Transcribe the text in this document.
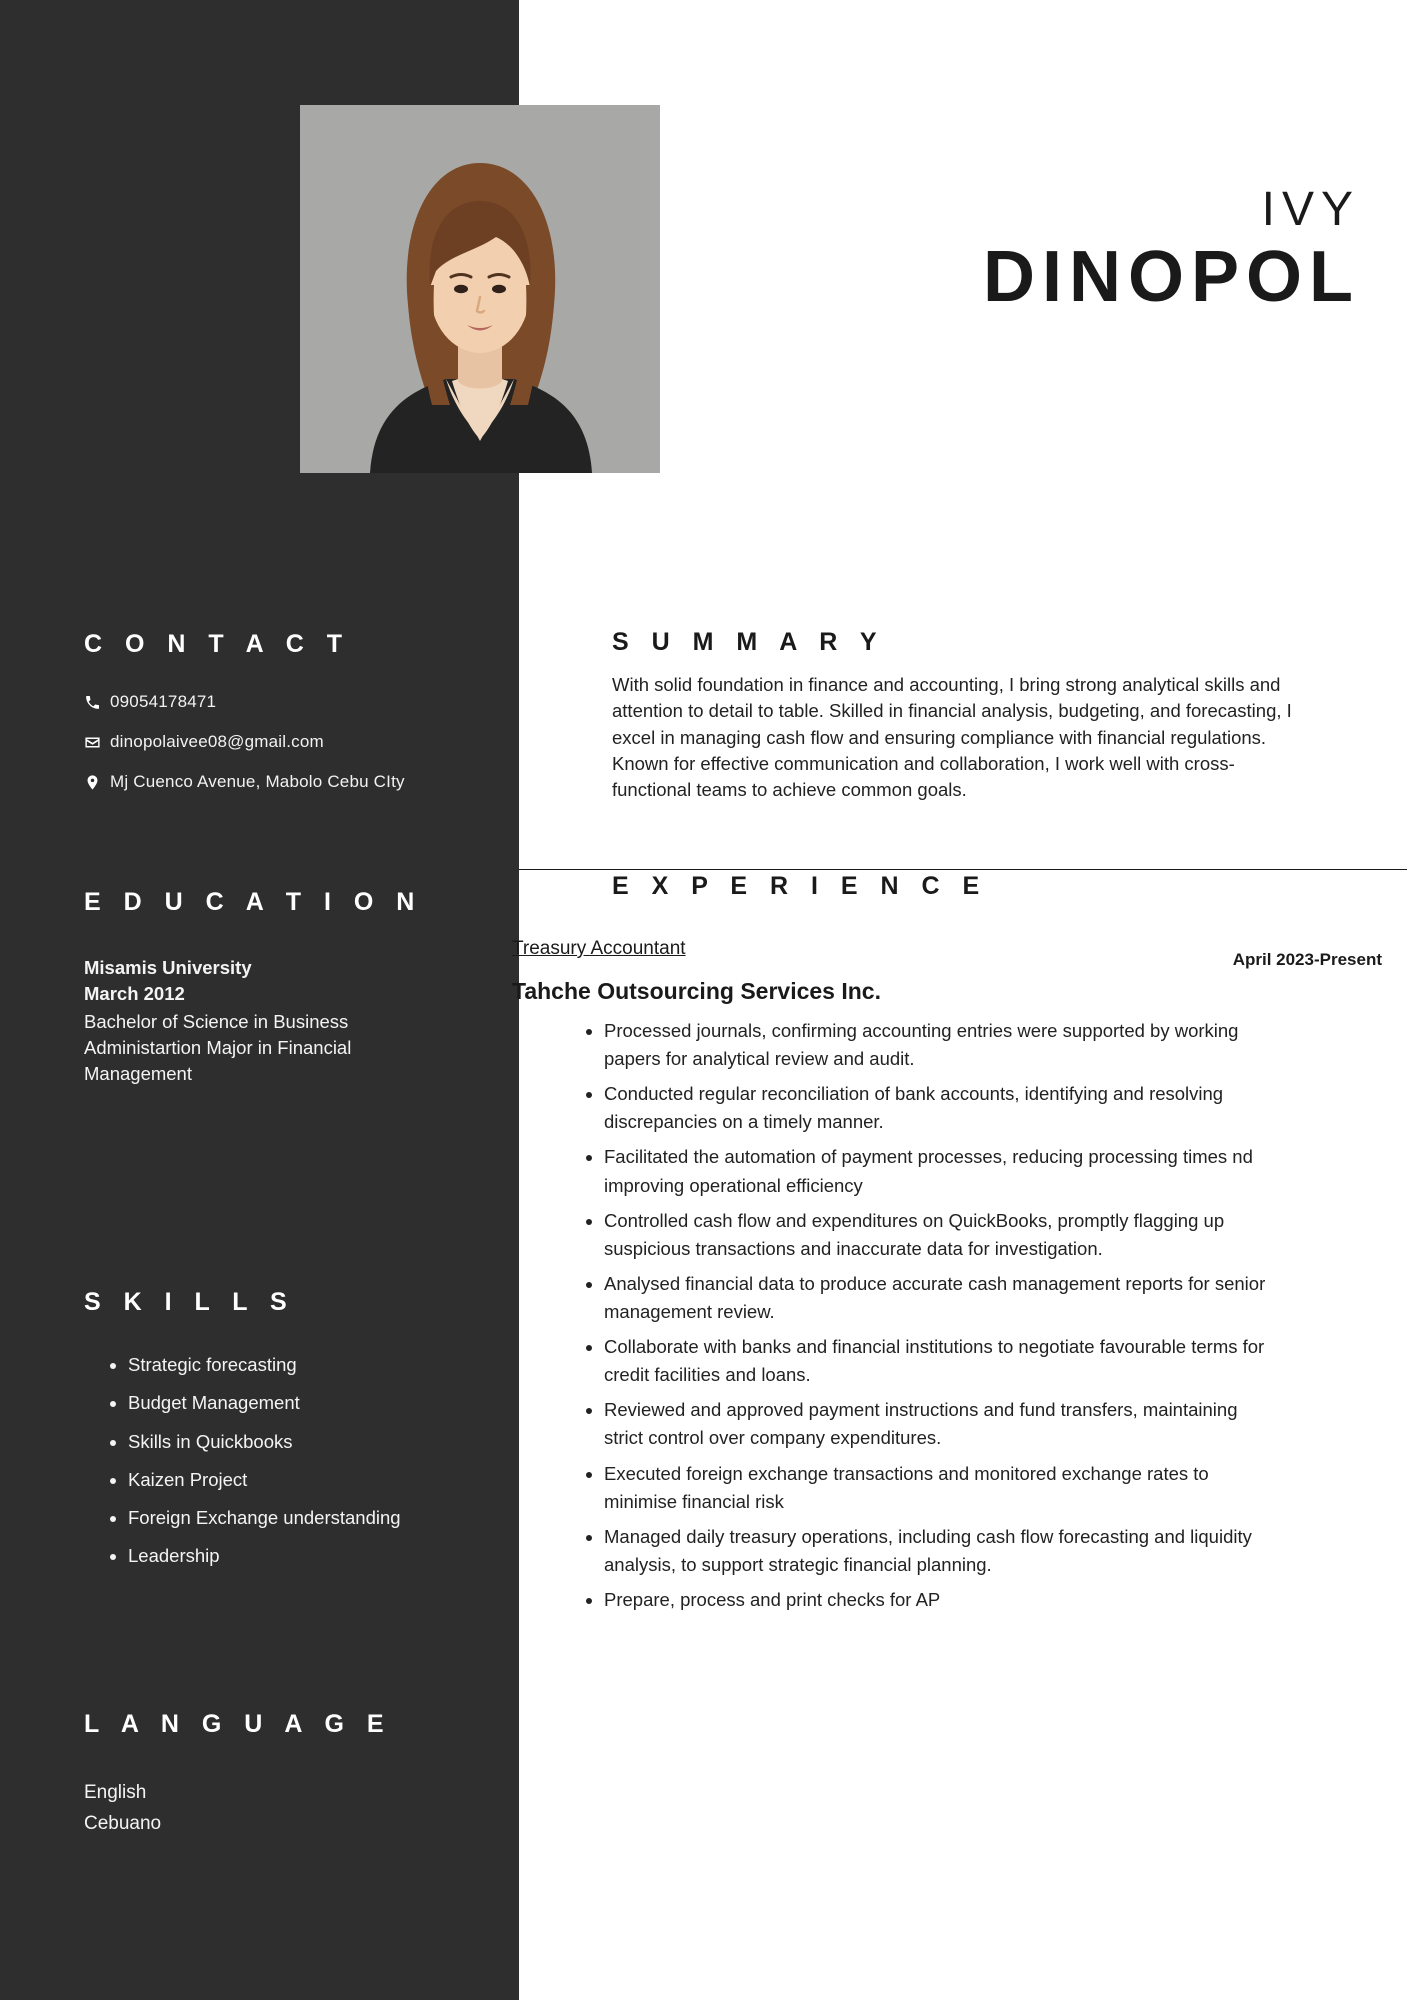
IVY
DINOPOL
C O N T A C T
09054178471
dinopolaivee08@gmail.com
Mj Cuenco Avenue, Mabolo Cebu CIty
E D U C A T I O N
Misamis University
March 2012
Bachelor of Science in Business Administartion Major in Financial Management
S K I L L S
• Strategic forecasting
• Budget Management
• Skills in Quickbooks
• Kaizen Project
• Foreign Exchange understanding
• Leadership
L A N G U A G E
English
Cebuano
S U M M A R Y
With solid foundation in finance and accounting, I bring strong analytical skills and attention to detail to table. Skilled in financial analysis, budgeting, and forecasting, I excel in managing cash flow and ensuring compliance with financial regulations. Known for effective communication and collaboration, I work well with cross-functional teams to achieve common goals.
E X P E R I E N C E
Treasury Accountant
April 2023-Present
Tahche Outsourcing Services Inc.
• Processed journals, confirming accounting entries were supported by working papers for analytical review and audit.
• Conducted regular reconciliation of bank accounts, identifying and resolving discrepancies on a timely manner.
• Facilitated the automation of payment processes, reducing processing times nd improving operational efficiency
• Controlled cash flow and expenditures on QuickBooks, promptly flagging up suspicious transactions and inaccurate data for investigation.
• Analysed financial data to produce accurate cash management reports for senior management review.
• Collaborate with banks and financial institutions to negotiate favourable terms for credit facilities and loans.
• Reviewed and approved payment instructions and fund transfers, maintaining strict control over company expenditures.
• Executed foreign exchange transactions and monitored exchange rates to minimise financial risk
• Managed daily treasury operations, including cash flow forecasting and liquidity analysis, to support strategic financial planning.
• Prepare, process and print checks for AP
